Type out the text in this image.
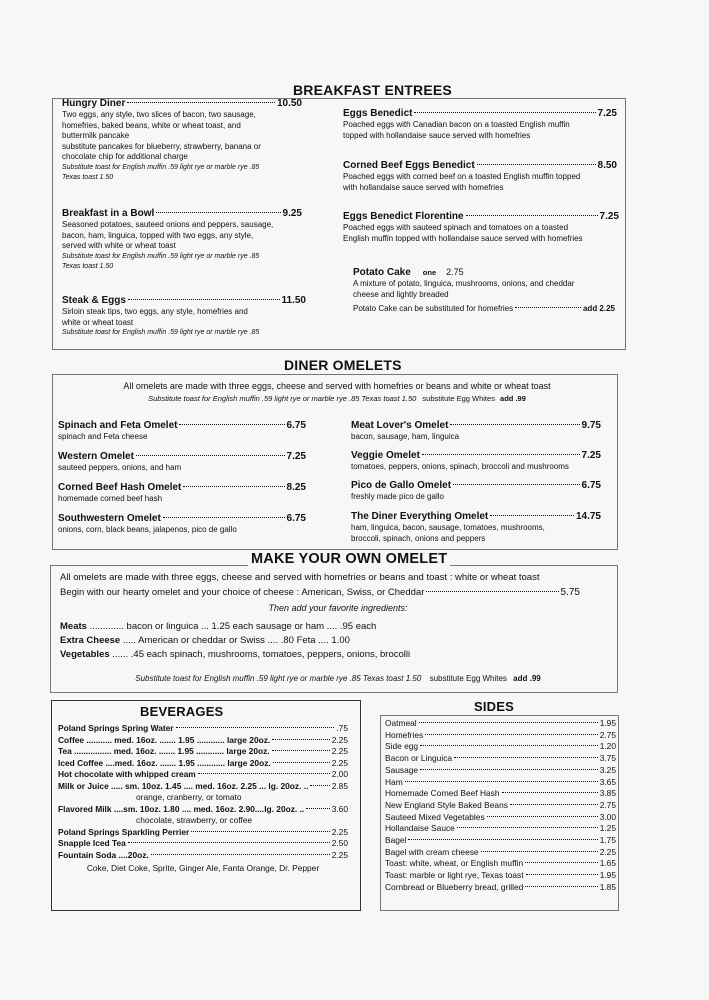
BREAKFAST ENTREES
Hungry Diner	10.50
Two eggs, any style, two slices of bacon, two sausage,
homefries, baked beans, white or wheat toast, and
buttermilk pancake
substitute pancakes for blueberry, strawberry, banana or
chocolate chip for additional charge
Substitute toast for English muffin .59 light rye or marble rye .85
Texas toast 1.50
Breakfast in a Bowl	9.25
Seasoned potatoes, sauteed onions and peppers, sausage,
bacon, ham, linguica, topped with two eggs, any style,
served with white or wheat toast
Substitute toast for English muffin .59 light rye or marble rye .85
Texas toast 1.50
Steak & Eggs	11.50
Sirloin steak tips, two eggs, any style, homefries and
white or wheat toast
Substitute toast for English muffin .59 light rye or marble rye .85
Eggs Benedict	7.25
Poached eggs with Canadian bacon on a toasted English muffin
topped with hollandaise sauce served with homefries
Corned Beef Eggs Benedict	8.50
Poached eggs with corned beef on a toasted English muffin topped
with hollandaise sauce served with homefries
Eggs Benedict Florentine	7.25
Poached eggs with sauteed spinach and tomatoes on a toasted
English muffin topped with hollandaise sauce served with homefries
Potato Cake one 2.75
A mixture of potato, linguica, mushrooms, onions, and cheddar
cheese and lightly breaded
Potato Cake can be substituted for homefries	add 2.25
DINER OMELETS
All omelets are made with three eggs, cheese and served with homefries or beans and white or wheat toast
Substitute toast for English muffin .59 light rye or marble rye .85 Texas toast 1.50 substitute Egg Whites add .99
Spinach and Feta Omelet	6.75
spinach and Feta cheese
Western Omelet	7.25
sauteed peppers, onions, and ham
Corned Beef Hash Omelet	8.25
homemade corned beef hash
Southwestern Omelet	6.75
onions, corn, black beans, jalapenos, pico de gallo
Meat Lover's Omelet	9.75
bacon, sausage, ham, linguica
Veggie Omelet	7.25
tomatoes, peppers, onions, spinach, broccoli and mushrooms
Pico de Gallo Omelet	6.75
freshly made pico de gallo
The Diner Everything Omelet	14.75
ham, linguica, bacon, sausage, tomatoes, mushrooms,
broccoli, spinach, onions and peppers
MAKE YOUR OWN OMELET
All omelets are made with three eggs, cheese and served with homefries or beans and toast : white or wheat toast
Begin with our hearty omelet and your choice of cheese : American, Swiss, or Cheddar	5.75
Then add your favorite ingredients:
Meats ............. bacon or linguica ... 1.25 each sausage or ham .... .95 each
Extra Cheese ..... American or cheddar or Swiss .... .80 Feta .... 1.00
Vegetables ...... .45 each spinach, mushrooms, tomatoes, peppers, onions, brocolli
Substitute toast for English muffin .59 light rye or marble rye .85 Texas toast 1.50 substitute Egg Whites add .99
BEVERAGES
Poland Springs Spring Water	.75
Coffee ........... med. 16oz. ....... 1.95 ............ large 20oz.	2.25
Tea ................ med. 16oz. ....... 1.95 ............ large 20oz.	2.25
Iced Coffee ....med. 16oz. ....... 1.95 ............ large 20oz.	2.25
Hot chocolate with whipped cream	2.00
Milk or Juice ..... sm. 10oz. 1.45 .... med. 16oz. 2.25 ... lg. 20oz. ..	2.85
orange, cranberry, or tomato
Flavored Milk ....sm. 10oz. 1.80 .... med. 16oz. 2.90....lg. 20oz. ..	3.60
chocolate, strawberry, or coffee
Poland Springs Sparkling Perrier	2.25
Snapple Iced Tea	2.50
Fountain Soda ....20oz.	2.25
Coke, Diet Coke, Sprite, Ginger Ale, Fanta Orange, Dr. Pepper
SIDES
Oatmeal	1.95
Homefries	2.75
Side egg	1.20
Bacon or Linguica	3.75
Sausage	3.25
Ham	3.65
Homemade Corned Beef Hash	3.85
New England Style Baked Beans	2.75
Sauteed Mixed Vegetables	3.00
Hollandaise Sauce	1.25
Bagel	1.75
Bagel with cream cheese	2.25
Toast: white, wheat, or English muffin	1.65
Toast: marble or light rye, Texas toast	1.95
Cornbread or Blueberry bread, grilled	1.85
